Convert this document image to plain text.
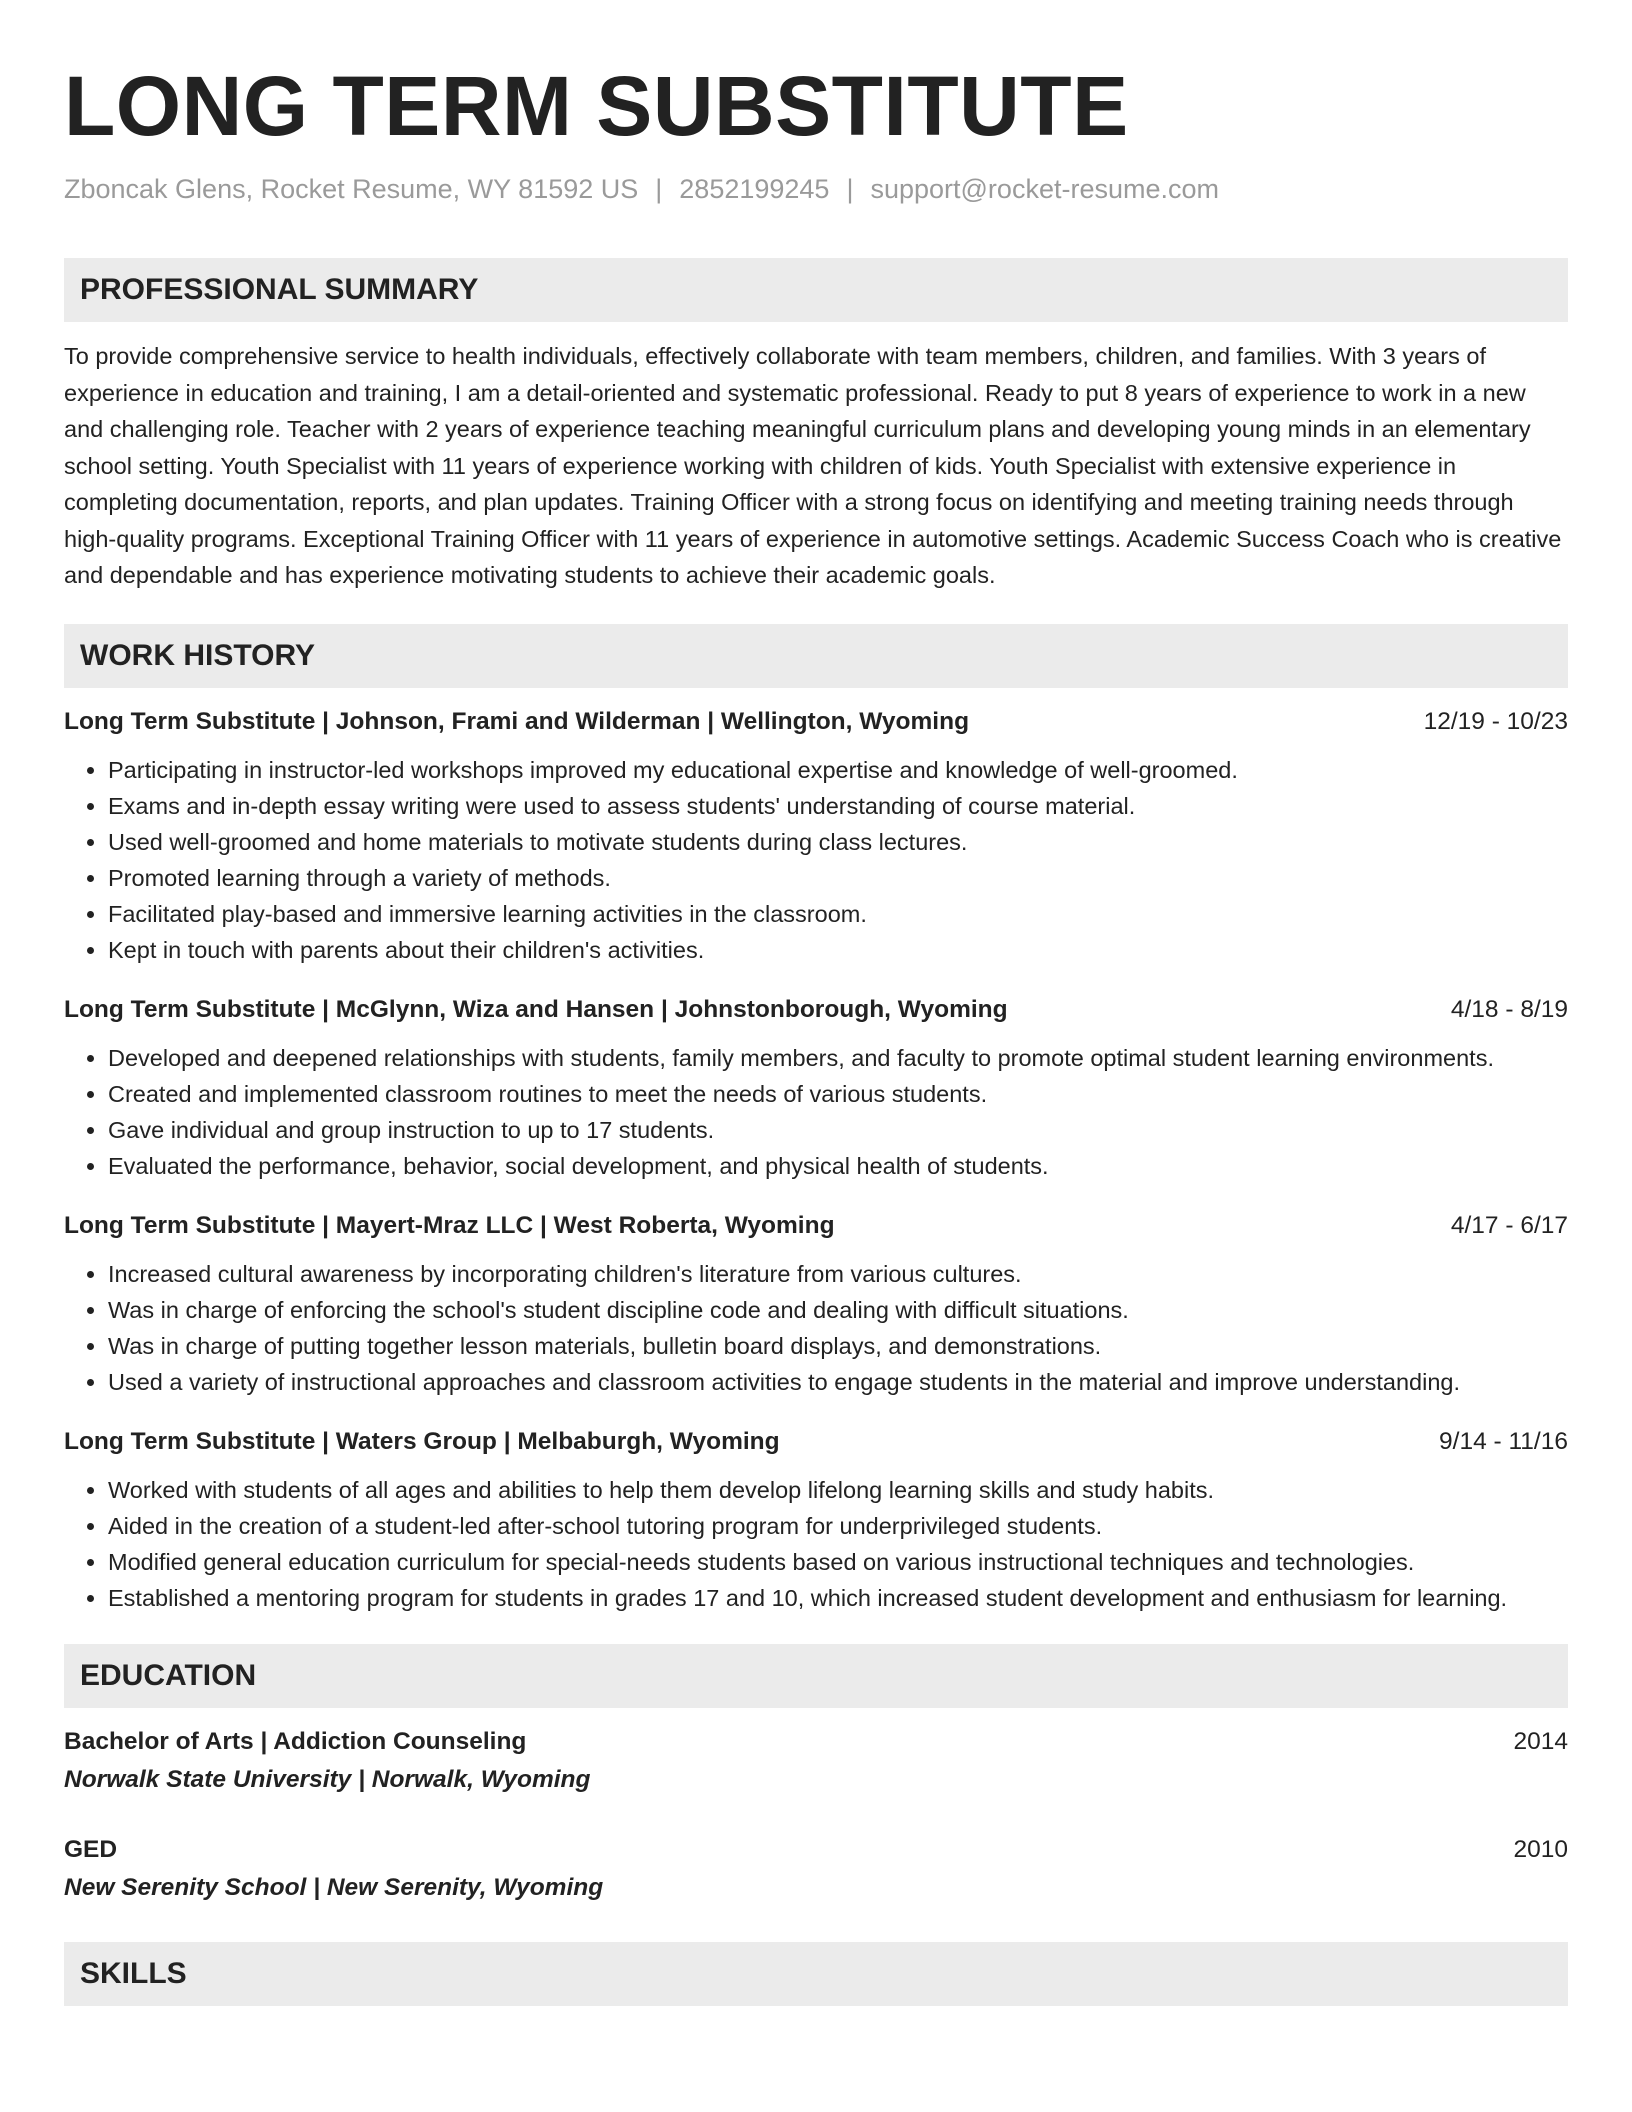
LONG TERM SUBSTITUTE
Zboncak Glens, Rocket Resume, WY 81592 US | 2852199245 | support@rocket-resume.com
PROFESSIONAL SUMMARY
To provide comprehensive service to health individuals, effectively collaborate with team members, children, and families. With 3 years of experience in education and training, I am a detail-oriented and systematic professional. Ready to put 8 years of experience to work in a new and challenging role. Teacher with 2 years of experience teaching meaningful curriculum plans and developing young minds in an elementary school setting. Youth Specialist with 11 years of experience working with children of kids. Youth Specialist with extensive experience in completing documentation, reports, and plan updates. Training Officer with a strong focus on identifying and meeting training needs through high-quality programs. Exceptional Training Officer with 11 years of experience in automotive settings. Academic Success Coach who is creative and dependable and has experience motivating students to achieve their academic goals.
WORK HISTORY
Long Term Substitute | Johnson, Frami and Wilderman | Wellington, Wyoming	12/19 - 10/23
• Participating in instructor-led workshops improved my educational expertise and knowledge of well-groomed.
• Exams and in-depth essay writing were used to assess students' understanding of course material.
• Used well-groomed and home materials to motivate students during class lectures.
• Promoted learning through a variety of methods.
• Facilitated play-based and immersive learning activities in the classroom.
• Kept in touch with parents about their children's activities.
Long Term Substitute | McGlynn, Wiza and Hansen | Johnstonborough, Wyoming	4/18 - 8/19
• Developed and deepened relationships with students, family members, and faculty to promote optimal student learning environments.
• Created and implemented classroom routines to meet the needs of various students.
• Gave individual and group instruction to up to 17 students.
• Evaluated the performance, behavior, social development, and physical health of students.
Long Term Substitute | Mayert-Mraz LLC | West Roberta, Wyoming	4/17 - 6/17
• Increased cultural awareness by incorporating children's literature from various cultures.
• Was in charge of enforcing the school's student discipline code and dealing with difficult situations.
• Was in charge of putting together lesson materials, bulletin board displays, and demonstrations.
• Used a variety of instructional approaches and classroom activities to engage students in the material and improve understanding.
Long Term Substitute | Waters Group | Melbaburgh, Wyoming	9/14 - 11/16
• Worked with students of all ages and abilities to help them develop lifelong learning skills and study habits.
• Aided in the creation of a student-led after-school tutoring program for underprivileged students.
• Modified general education curriculum for special-needs students based on various instructional techniques and technologies.
• Established a mentoring program for students in grades 17 and 10, which increased student development and enthusiasm for learning.
EDUCATION
Bachelor of Arts | Addiction Counseling	2014
Norwalk State University | Norwalk, Wyoming
GED	2010
New Serenity School | New Serenity, Wyoming
SKILLS
